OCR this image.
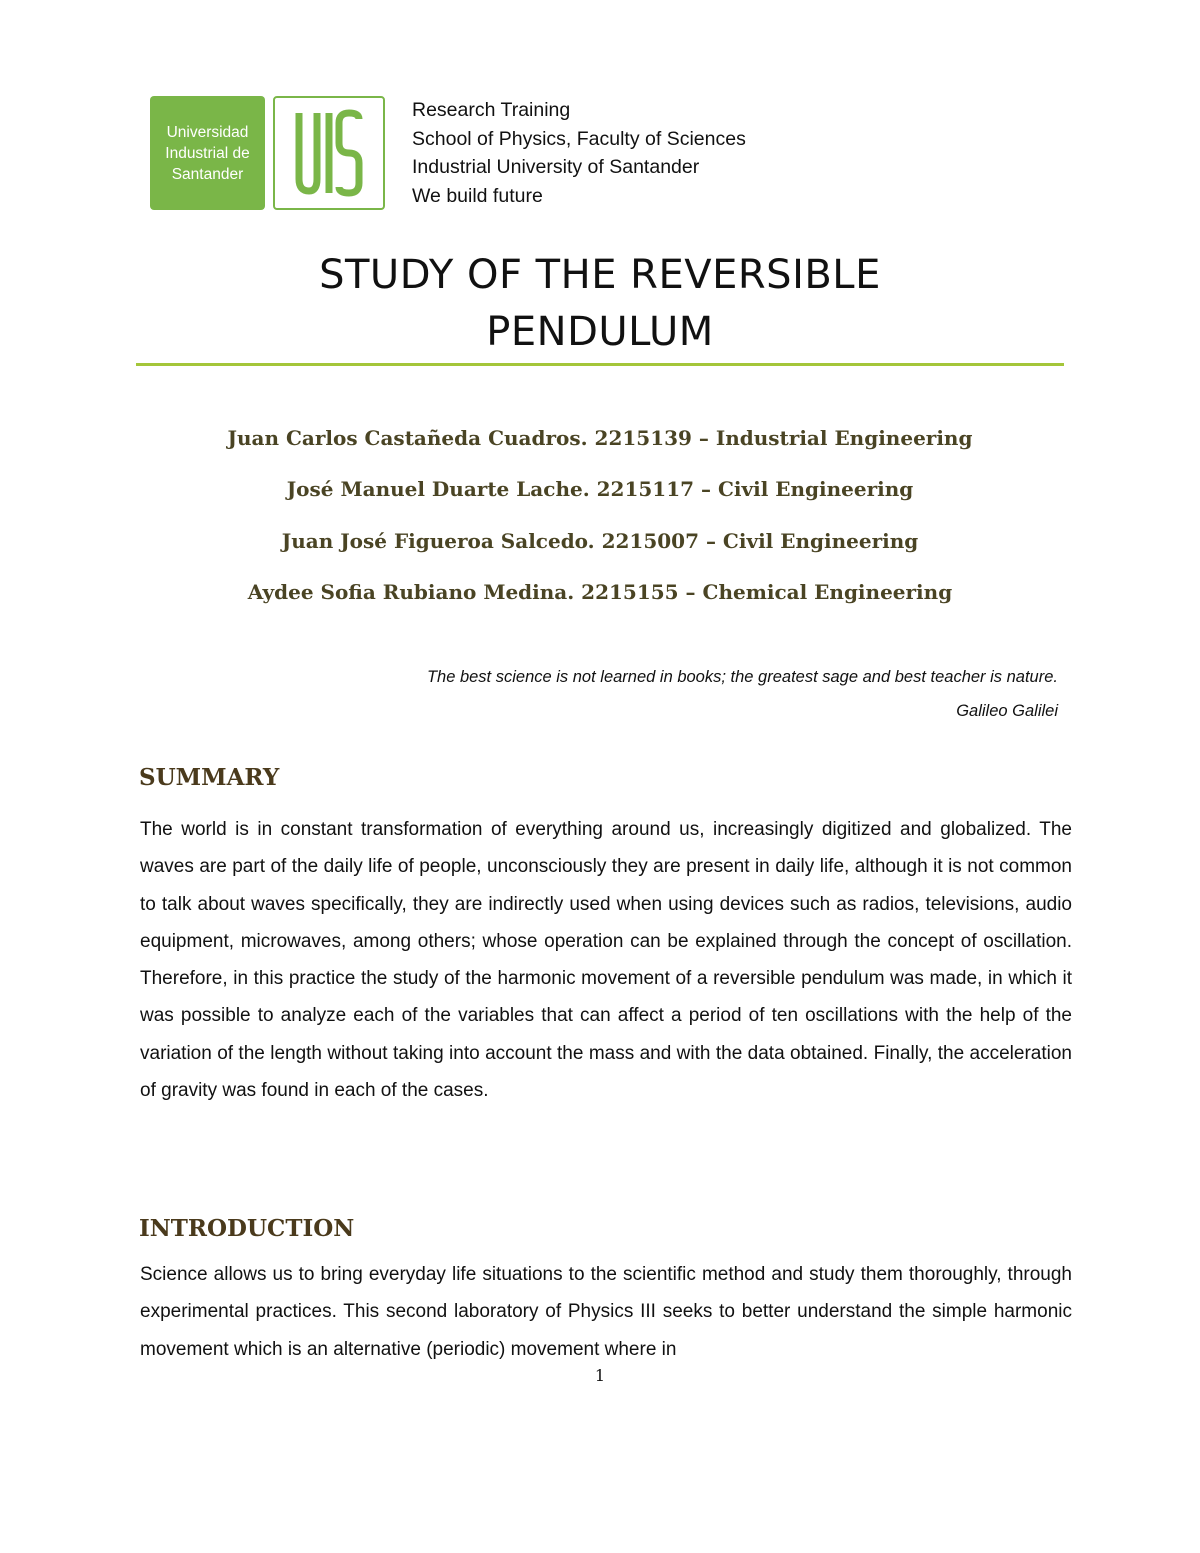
Universidad
Industrial de
Santander
Research Training
School of Physics, Faculty of Sciences
Industrial University of Santander
We build future
STUDY OF THE REVERSIBLE
PENDULUM
Juan Carlos Castañeda Cuadros. 2215139 – Industrial Engineering
José Manuel Duarte Lache. 2215117 – Civil Engineering
Juan José Figueroa Salcedo. 2215007 – Civil Engineering
Aydee Sofia Rubiano Medina. 2215155 – Chemical Engineering
The best science is not learned in books; the greatest sage and best teacher is nature.
Galileo Galilei
SUMMARY
The world is in constant transformation of everything around us, increasingly digitized and globalized. The waves are part of the daily life of people, unconsciously they are present in daily life, although it is not common to talk about waves specifically, they are indirectly used when using devices such as radios, televisions, audio equipment, microwaves, among others; whose operation can be explained through the concept of oscillation. Therefore, in this practice the study of the harmonic movement of a reversible pendulum was made, in which it was possible to analyze each of the variables that can affect a period of ten oscillations with the help of the variation of the length without taking into account the mass and with the data obtained. Finally, the acceleration of gravity was found in each of the cases.
INTRODUCTION
Science allows us to bring everyday life situations to the scientific method and study them thoroughly, through experimental practices. This second laboratory of Physics III seeks to better understand the simple harmonic movement which is an alternative (periodic) movement where in
1
